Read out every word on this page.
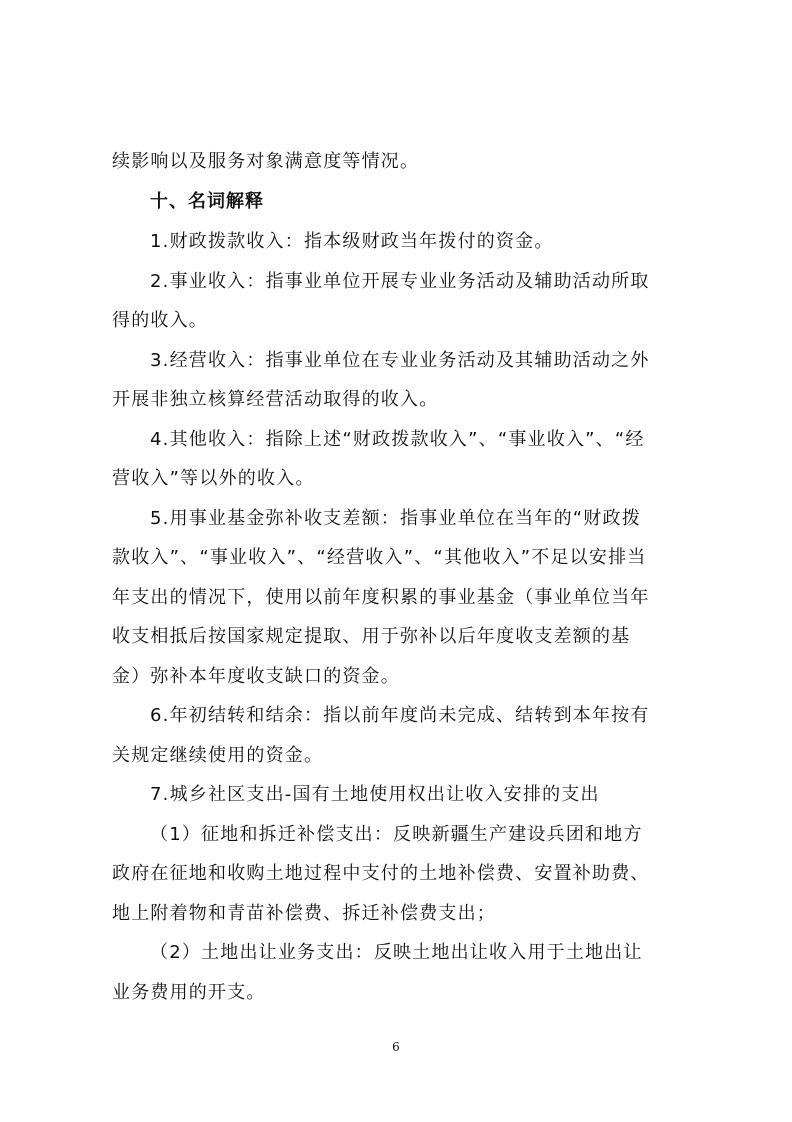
续影响以及服务对象满意度等情况。
十、名词解释
1.财政拨款收入：指本级财政当年拨付的资金。
2.事业收入：指事业单位开展专业业务活动及辅助活动所取
得的收入。
3.经营收入：指事业单位在专业业务活动及其辅助活动之外
开展非独立核算经营活动取得的收入。
4.其他收入：指除上述“财政拨款收入”、“事业收入”、“经
营收入”等以外的收入。
5.用事业基金弥补收支差额：指事业单位在当年的“财政拨
款收入”、“事业收入”、“经营收入”、“其他收入”不足以安排当
年支出的情况下，使用以前年度积累的事业基金（事业单位当年
收支相抵后按国家规定提取、用于弥补以后年度收支差额的基
金）弥补本年度收支缺口的资金。
6.年初结转和结余：指以前年度尚未完成、结转到本年按有
关规定继续使用的资金。
7.城乡社区支出-国有土地使用权出让收入安排的支出
（1）征地和拆迁补偿支出：反映新疆生产建设兵团和地方
政府在征地和收购土地过程中支付的土地补偿费、安置补助费、
地上附着物和青苗补偿费、拆迁补偿费支出；
（2）土地出让业务支出：反映土地出让收入用于土地出让
业务费用的开支。
6
